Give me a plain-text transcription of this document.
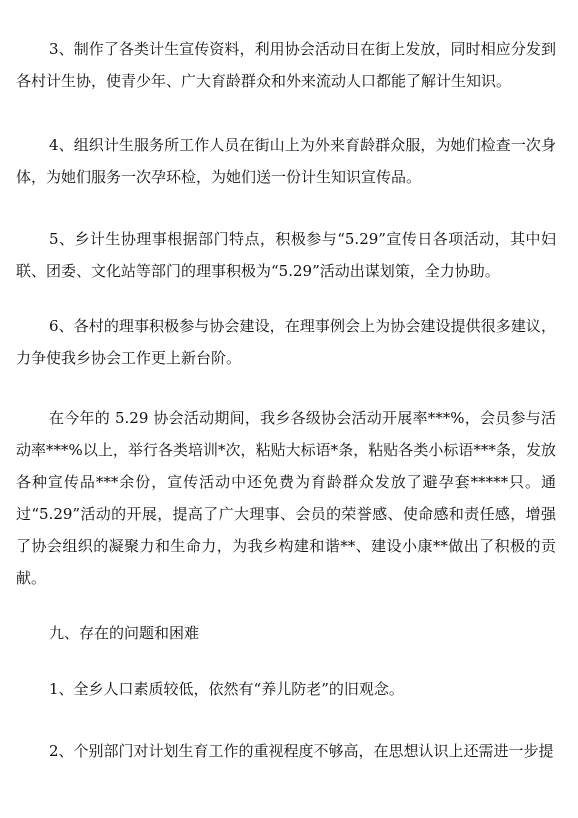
3、制作了各类计生宣传资料，利用协会活动日在街上发放，同时相应分发到各村计生协，使青少年、广大育龄群众和外来流动人口都能了解计生知识。

4、组织计生服务所工作人员在街山上为外来育龄群众服，为她们检查一次身体，为她们服务一次孕环检，为她们送一份计生知识宣传品。

5、乡计生协理事根据部门特点，积极参与“5.29”宣传日各项活动，其中妇联、团委、文化站等部门的理事积极为“5.29”活动出谋划策，全力协助。

6、各村的理事积极参与协会建设，在理事例会上为协会建设提供很多建议，力争使我乡协会工作更上新台阶。

在今年的 5.29 协会活动期间，我乡各级协会活动开展率***%，会员参与活动率***%以上，举行各类培训*次，粘贴大标语*条，粘贴各类小标语***条，发放各种宣传品***余份，宣传活动中还免费为育龄群众发放了避孕套*****只。通过“5.29”活动的开展，提高了广大理事、会员的荣誉感、使命感和责任感，增强了协会组织的凝聚力和生命力，为我乡构建和谐**、建设小康**做出了积极的贡献。

九、存在的问题和困难

1、全乡人口素质较低，依然有“养儿防老”的旧观念。

2、个别部门对计划生育工作的重视程度不够高，在思想认识上还需进一步提
